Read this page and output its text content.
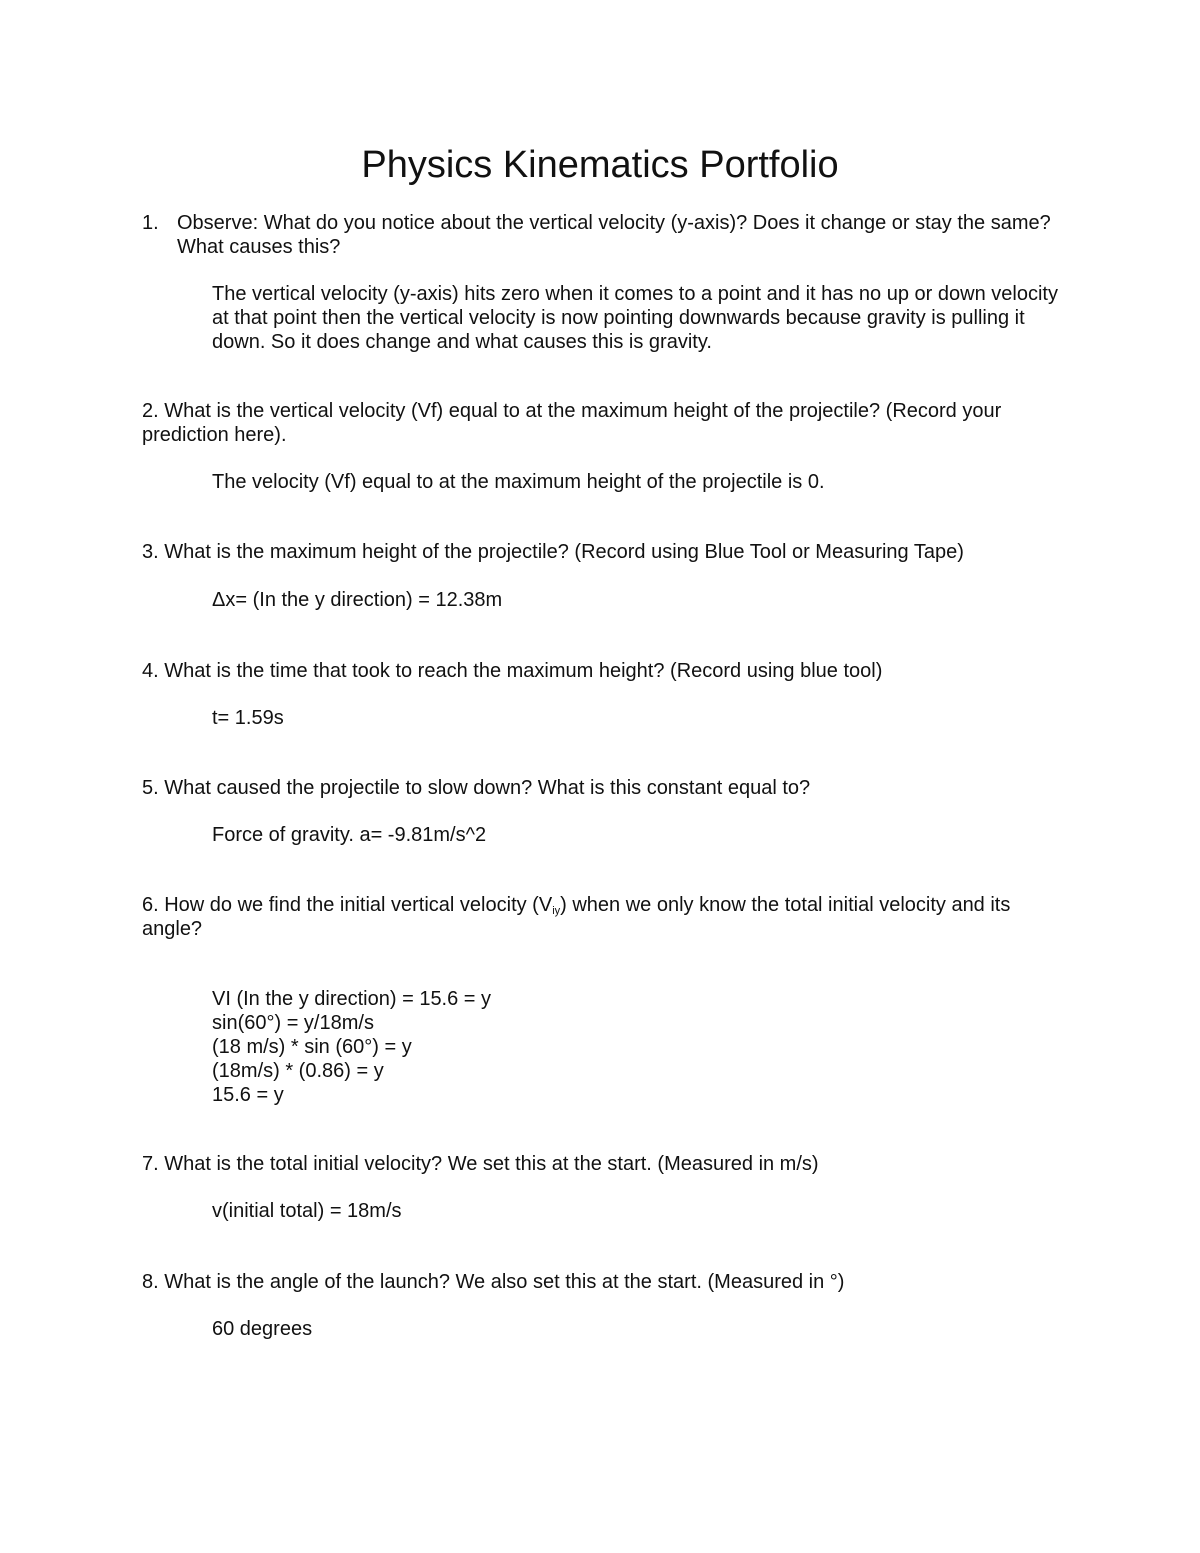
Physics Kinematics Portfolio
1. Observe: What do you notice about the vertical velocity (y-axis)? Does it change or stay the same? What causes this?

The vertical velocity (y-axis) hits zero when it comes to a point and it has no up or down velocity at that point then the vertical velocity is now pointing downwards because gravity is pulling it down. So it does change and what causes this is gravity.

2. What is the vertical velocity (Vf) equal to at the maximum height of the projectile? (Record your prediction here).

The velocity (Vf) equal to at the maximum height of the projectile is 0.

3. What is the maximum height of the projectile? (Record using Blue Tool or Measuring Tape)

Δx= (In the y direction) = 12.38m

4. What is the time that took to reach the maximum height? (Record using blue tool)

t= 1.59s

5. What caused the projectile to slow down? What is this constant equal to?

Force of gravity. a= -9.81m/s^2

6. How do we find the initial vertical velocity $(V_{iy})$ when we only know the total initial velocity and its angle?

VI (In the y direction) = 15.6 = y
sin(60°) = y/18m/s
(18 m/s) * sin (60°) = y
(18m/s) * (0.86) = y
15.6 = y

7. What is the total initial velocity? We set this at the start. (Measured in m/s)

v(initial total) = 18m/s

8. What is the angle of the launch? We also set this at the start. (Measured in °)

60 degrees
